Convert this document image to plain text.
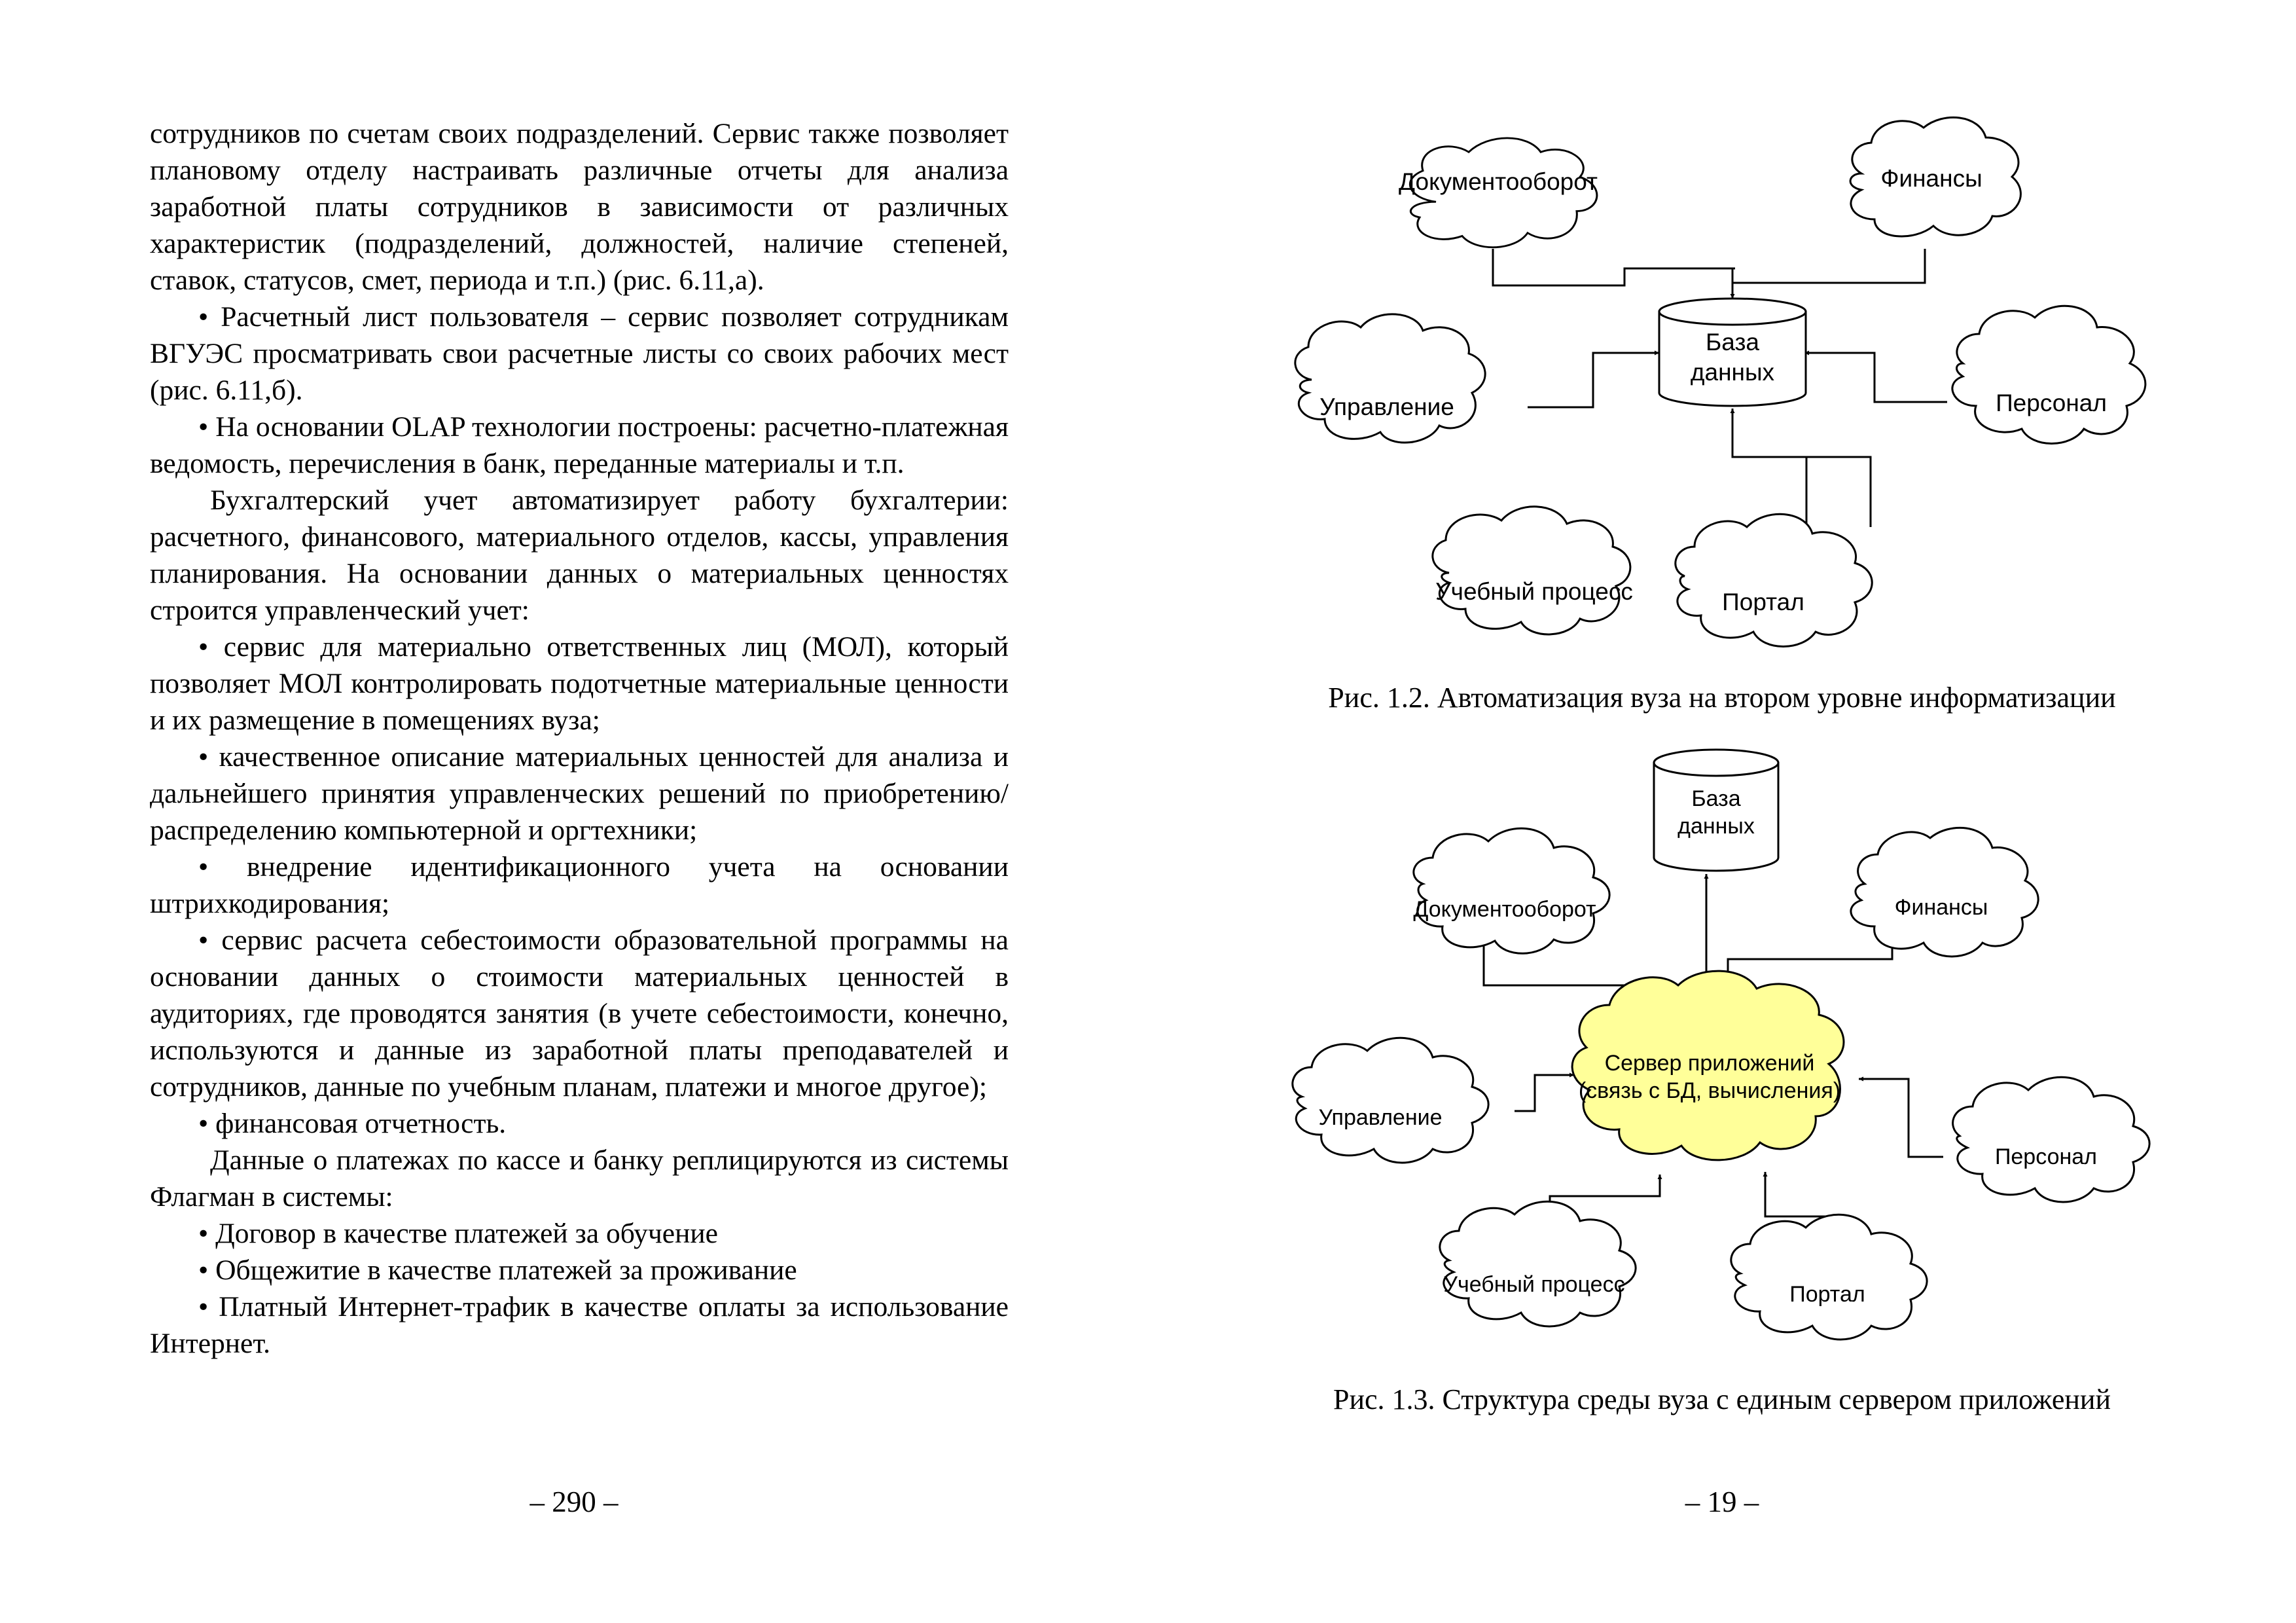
сотрудников по счетам своих подразделений. Сервис также позволяет плановому отделу настраивать различные отчеты для анализа заработной платы сотрудников в зависимости от различных характеристик (подразделений, должностей, наличие степеней, ставок, статусов, смет, периода и т.п.) (рис. 6.11,а).

• Расчетный лист пользователя – сервис позволяет сотрудникам ВГУЭС просматривать свои расчетные листы со своих рабочих мест (рис. 6.11,б).

• На основании OLAP технологии построены: расчетно-платежная ведомость, перечисления в банк, переданные материалы и т.п.

Бухгалтерский учет автоматизирует работу бухгалтерии: расчетного, финансового, материального отделов, кассы, управления планирования. На основании данных о материальных ценностях строится управленческий учет:

• сервис для материально ответственных лиц (МОЛ), который позволяет МОЛ контролировать подотчетные материальные ценности и их размещение в помещениях вуза;

• качественное описание материальных ценностей для анализа и дальнейшего принятия управленческих решений по приобретению/распределению компьютерной и оргтехники;

• внедрение идентификационного учета на основании штрихкодирования;

• сервис расчета себестоимости образовательной программы на основании данных о стоимости материальных ценностей в аудиториях, где проводятся занятия (в учете себестоимости, конечно, используются и данные из заработной платы преподавателей и сотрудников, данные по учебным планам, платежи и многое другое);

• финансовая отчетность.

Данные о платежах по кассе и банку реплицируются из системы Флагман в системы:

• Договор в качестве платежей за обучение

• Общежитие в качестве платежей за проживание

• Платный Интернет-трафик в качестве оплаты за использование Интернет.

– 290 –
База
данных
Документооборот	Финансы
Управление	Персонал
Учебный процесс	Портал
Рис. 1.2. Автоматизация вуза на втором уровне информатизации
База
данных
Сервер приложений
(связь с БД, вычисления)
Документооборот	Финансы
Управление
Персонал
Учебный процесс	Портал
Рис. 1.3. Структура среды вуза с единым сервером приложений
– 19 –
